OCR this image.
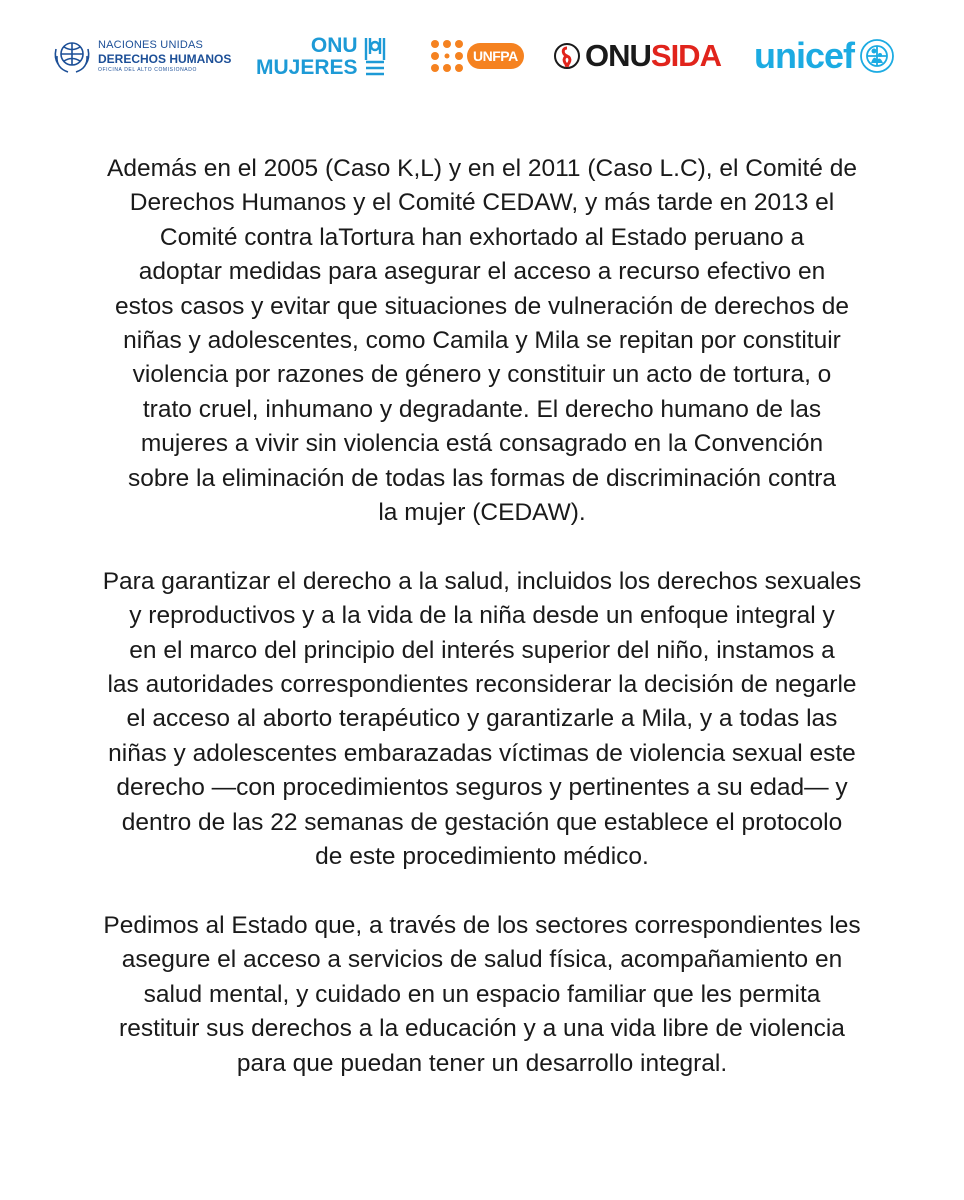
NACIONES UNIDAS
DERECHOS HUMANOS
OFICINA DEL ALTO COMISIONADO
ONU
MUJERES	UNFPA ONU SIDA unicef

Además en el 2005 (Caso K,L) y en el 2011 (Caso L.C), el Comité de
Derechos Humanos y el Comité CEDAW, y más tarde en 2013 el
Comité contra laTortura han exhortado al Estado peruano a
adoptar medidas para asegurar el acceso a recurso efectivo en
estos casos y evitar que situaciones de vulneración de derechos de
niñas y adolescentes, como Camila y Mila se repitan por constituir
violencia por razones de género y constituir un acto de tortura, o
trato cruel, inhumano y degradante. El derecho humano de las
mujeres a vivir sin violencia está consagrado en la Convención
sobre la eliminación de todas las formas de discriminación contra
la mujer (CEDAW).

Para garantizar el derecho a la salud, incluidos los derechos sexuales
y reproductivos y a la vida de la niña desde un enfoque integral y
en el marco del principio del interés superior del niño, instamos a
las autoridades correspondientes reconsiderar la decisión de negarle
el acceso al aborto terapéutico y garantizarle a Mila, y a todas las
niñas y adolescentes embarazadas víctimas de violencia sexual este
derecho —con procedimientos seguros y pertinentes a su edad— y
dentro de las 22 semanas de gestación que establece el protocolo
de este procedimiento médico.

Pedimos al Estado que, a través de los sectores correspondientes les
asegure el acceso a servicios de salud física, acompañamiento en
salud mental, y cuidado en un espacio familiar que les permita
restituir sus derechos a la educación y a una vida libre de violencia
para que puedan tener un desarrollo integral.
